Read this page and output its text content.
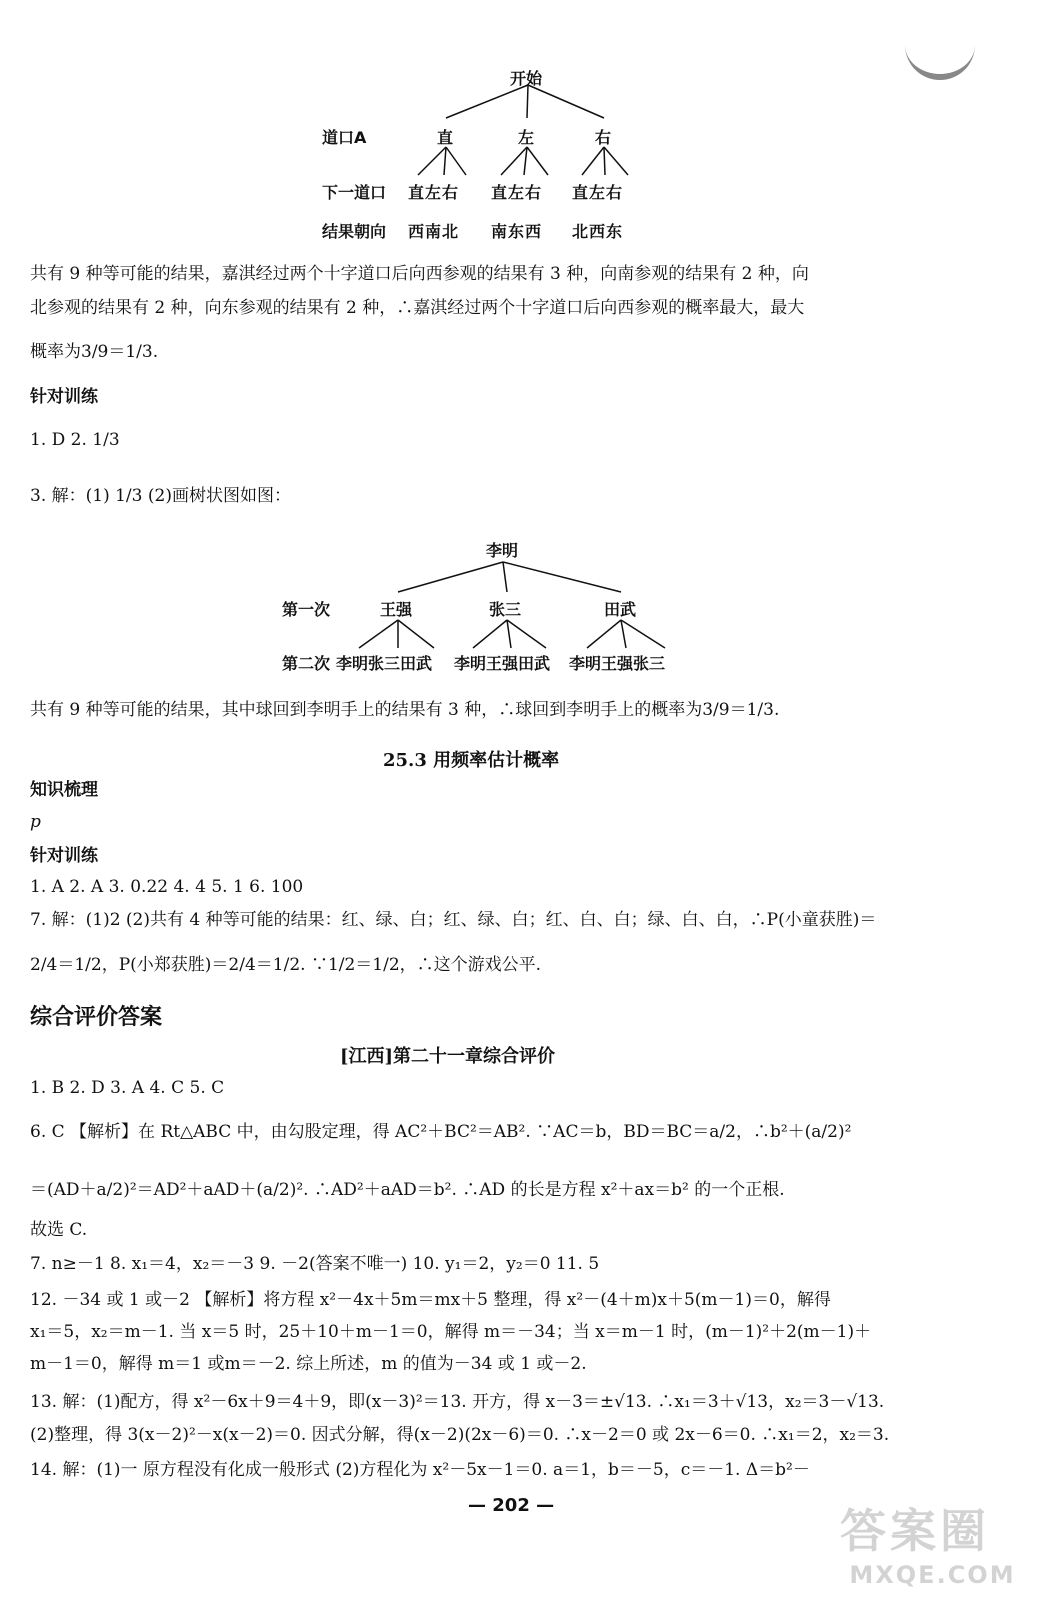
开始
道口A	直	左	右
下一道口 直左右 直左右 直左右
结果朝向 西南北 南东西 北西东
共有 9 种等可能的结果，嘉淇经过两个十字道口后向西参观的结果有 3 种，向南参观的结果有 2 种，向
北参观的结果有 2 种，向东参观的结果有 2 种，∴嘉淇经过两个十字道口后向西参观的概率最大，最大
概率为3/9＝1/3.
针对训练
1. D 2. 1/3
3. 解：(1) 1/3 (2)画树状图如图：
李明
第一次	王强	张三	田武
第二次 李明张三田武 李明王强田武 李明王强张三
共有 9 种等可能的结果，其中球回到李明手上的结果有 3 种，∴球回到李明手上的概率为3/9＝1/3.
25.3 用频率估计概率
知识梳理
p
针对训练
1. A 2. A 3. 0.22 4. 4 5. 1 6. 100
7. 解：(1)2 (2)共有 4 种等可能的结果：红、绿、白；红、绿、白；红、白、白；绿、白、白，∴P(小童获胜)＝
2/4＝1/2，P(小郑获胜)＝2/4＝1/2. ∵1/2＝1/2，∴这个游戏公平.
综合评价答案
[江西]第二十一章综合评价
1. B 2. D 3. A 4. C 5. C
6. C 【解析】在 Rt△ABC 中，由勾股定理，得 AC²＋BC²＝AB². ∵AC＝b，BD＝BC＝a/2，∴b²＋(a/2)²
＝(AD＋a/2)²＝AD²＋aAD＋(a/2)². ∴AD²＋aAD＝b². ∴AD 的长是方程 x²＋ax＝b² 的一个正根.
故选 C.
7. n≥－1 8. x₁＝4，x₂＝－3 9. －2(答案不唯一) 10. y₁＝2，y₂＝0 11. 5
12. －34 或 1 或－2 【解析】将方程 x²－4x＋5m＝mx＋5 整理，得 x²－(4＋m)x＋5(m－1)＝0，解得
x₁＝5，x₂＝m－1. 当 x＝5 时，25＋10＋m－1＝0，解得 m＝－34；当 x＝m－1 时，(m－1)²＋2(m－1)＋
m－1＝0，解得 m＝1 或m＝－2. 综上所述，m 的值为－34 或 1 或－2.
13. 解：(1)配方，得 x²－6x＋9＝4＋9，即(x－3)²＝13. 开方，得 x－3＝±√13. ∴x₁＝3＋√13，x₂＝3－√13.
(2)整理，得 3(x－2)²－x(x－2)＝0. 因式分解，得(x－2)(2x－6)＝0. ∴x－2＝0 或 2x－6＝0. ∴x₁＝2，x₂＝3.
14. 解：(1)一 原方程没有化成一般形式 (2)方程化为 x²－5x－1＝0. a＝1，b＝－5，c＝－1. Δ＝b²－
— 202 —	答案圈
MXQE.COM
